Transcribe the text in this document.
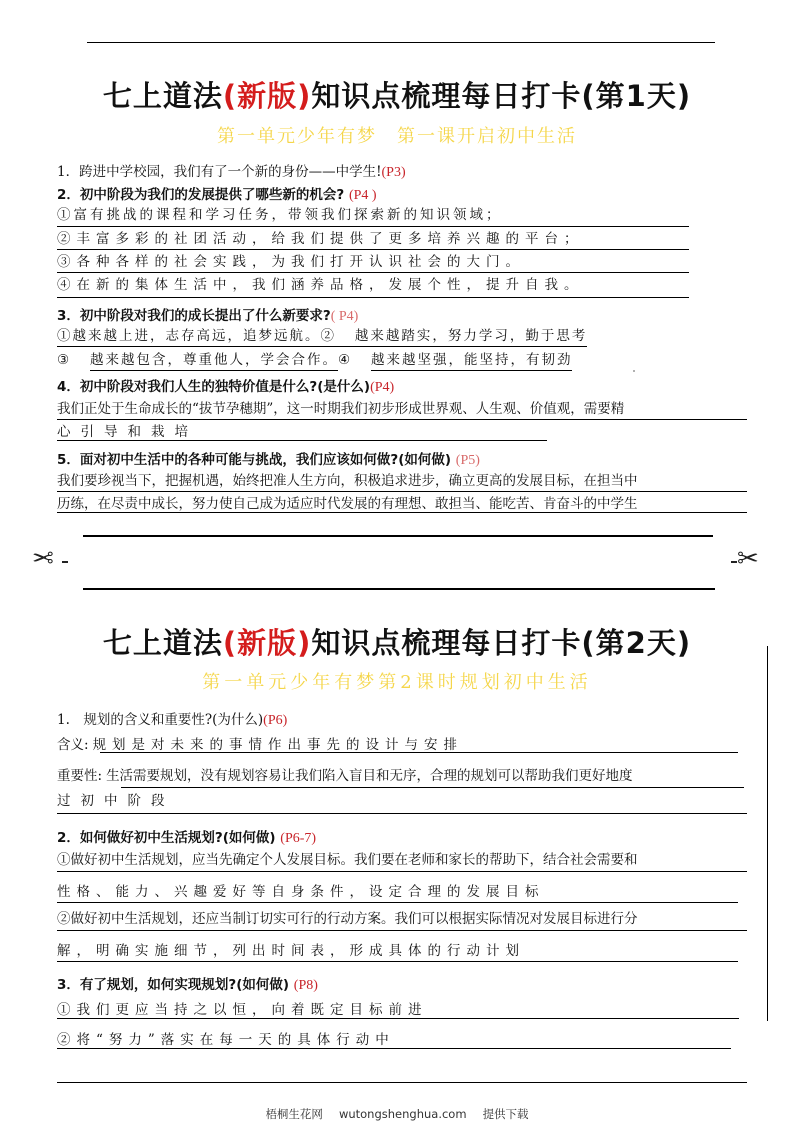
七上道法(新版)知识点梳理每日打卡(第1天)
第一单元少年有梦　第一课开启初中生活
1．跨进中学校园，我们有了一个新的身份——中学生!(P3)
2．初中阶段为我们的发展提供了哪些新的机会? (P4 )
①富有挑战的课程和学习任务，带领我们探索新的知识领域；
②丰富多彩的社团活动，给我们提供了更多培养兴趣的平台；
③各种各样的社会实践，为我们打开认识社会的大门。
④在新的集体生活中，我们涵养品格，发展个性，提升自我。
3．初中阶段对我们的成长提出了什么新要求?( P4)
①越来越上进，志存高远，追梦远航。② 越来越踏实，努力学习，勤于思考
③ 越来越包含，尊重他人，学会合作。④ 越来越坚强，能坚持，有韧劲
4．初中阶段对我们人生的独特价值是什么?(是什么)(P4)
我们正处于生命成长的“拔节孕穗期”，这一时期我们初步形成世界观、人生观、价值观，需要精
心引导和栽培
5．面对初中生活中的各种可能与挑战，我们应该如何做?(如何做) (P5)
我们要珍视当下，把握机遇，始终把准人生方向，积极追求进步，确立更高的发展目标，在担当中
历练，在尽责中成长，努力使自己成为适应时代发展的有理想、敢担当、能吃苦、肯奋斗的中学生
✂	✂
七上道法(新版)知识点梳理每日打卡(第2天)
第一单元少年有梦第2课时规划初中生活
1.　规划的含义和重要性?(为什么)(P6)
含义: 规划是对未来的事情作出事先的设计与安排
重要性: 生活需要规划，没有规划容易让我们陷入盲目和无序，合理的规划可以帮助我们更好地度
过初中阶段
2．如何做好初中生活规划?(如何做) (P6-7)
①做好初中生活规划，应当先确定个人发展目标。我们要在老师和家长的帮助下，结合社会需要和
性格、能力、兴趣爱好等自身条件，设定合理的发展目标
②做好初中生活规划，还应当制订切实可行的行动方案。我们可以根据实际情况对发展目标进行分
解，明确实施细节，列出时间表，形成具体的行动计划
3．有了规划，如何实现规划?(如何做) (P8)
①我们更应当持之以恒，向着既定目标前进
②将“努力”落实在每一天的具体行动中
梧桐生花网 wutongshenghua.com 提供下载
